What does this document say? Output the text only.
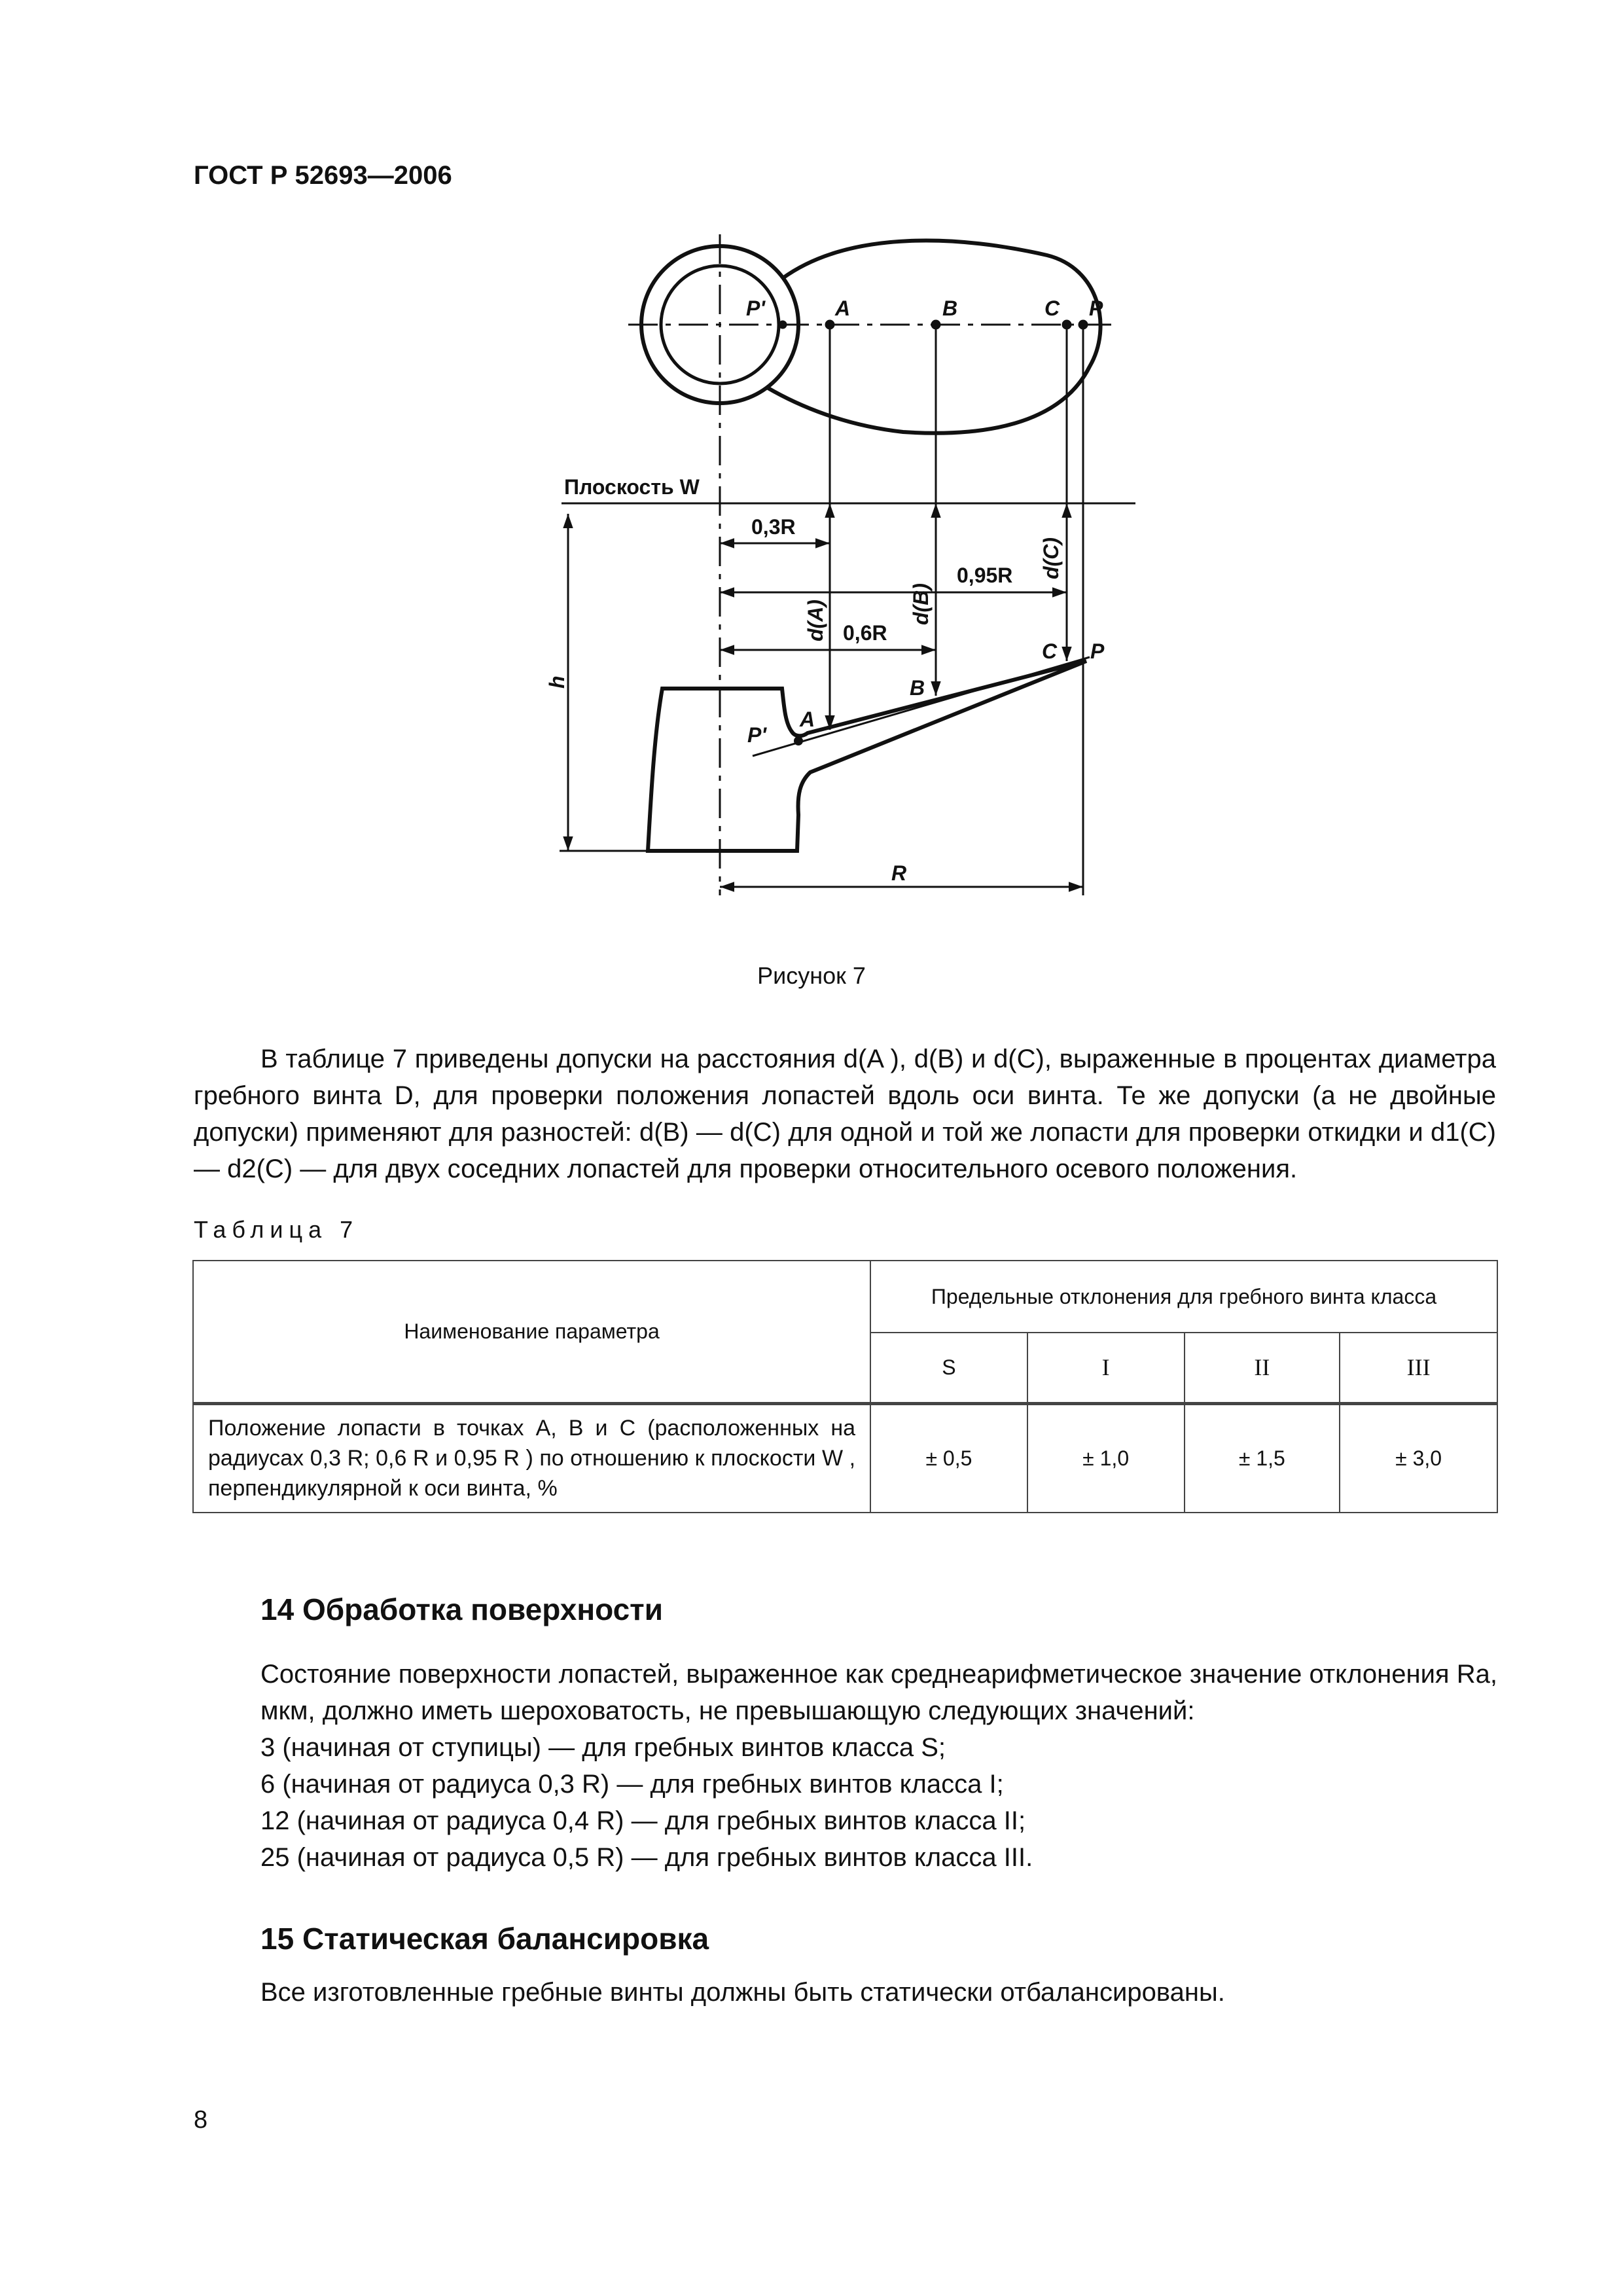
ГОСТ Р 52693—2006
P'	A	B	C P
0,3R
0,95R
0,6R
C P
B
A
P'
R
d(A)	d(B)
d(C)
h
Плоскость W
Рисунок 7

В таблице 7 приведены допуски на расстояния d(A ), d(B) и d(C), выраженные в процентах диаметра гребного винта D, для проверки положения лопастей вдоль оси винта. Те же допуски (а не двойные допуски) применяют для разностей: d(B) — d(C) для одной и той же лопасти для проверки откидки и d1(C) — d2(C) — для двух соседних лопастей для проверки относительного осевого положения.

Таблица 7
Наименование параметра	Предельные отклонения для гребного винта класса			
	S	I	II	III
Положение лопасти в точках A, B и C (расположенных на радиусах 0,3 R; 0,6 R и 0,95 R ) по отношению к плоскости W , перпендикулярной к оси винта, %	± 0,5	± 1,0	± 1,5	± 3,0
14 Обработка поверхности

Состояние поверхности лопастей, выраженное как среднеарифметическое значение отклонения Ra, мкм, должно иметь шероховатость, не превышающую следующих значений:

3 (начиная от ступицы) — для гребных винтов класса S;

6 (начиная от радиуса 0,3 R) — для гребных винтов класса I;

12 (начиная от радиуса 0,4 R) — для гребных винтов класса II;

25 (начиная от радиуса 0,5 R) — для гребных винтов класса III.

15 Статическая балансировка
Все изготовленные гребные винты должны быть статически отбалансированы.
8
